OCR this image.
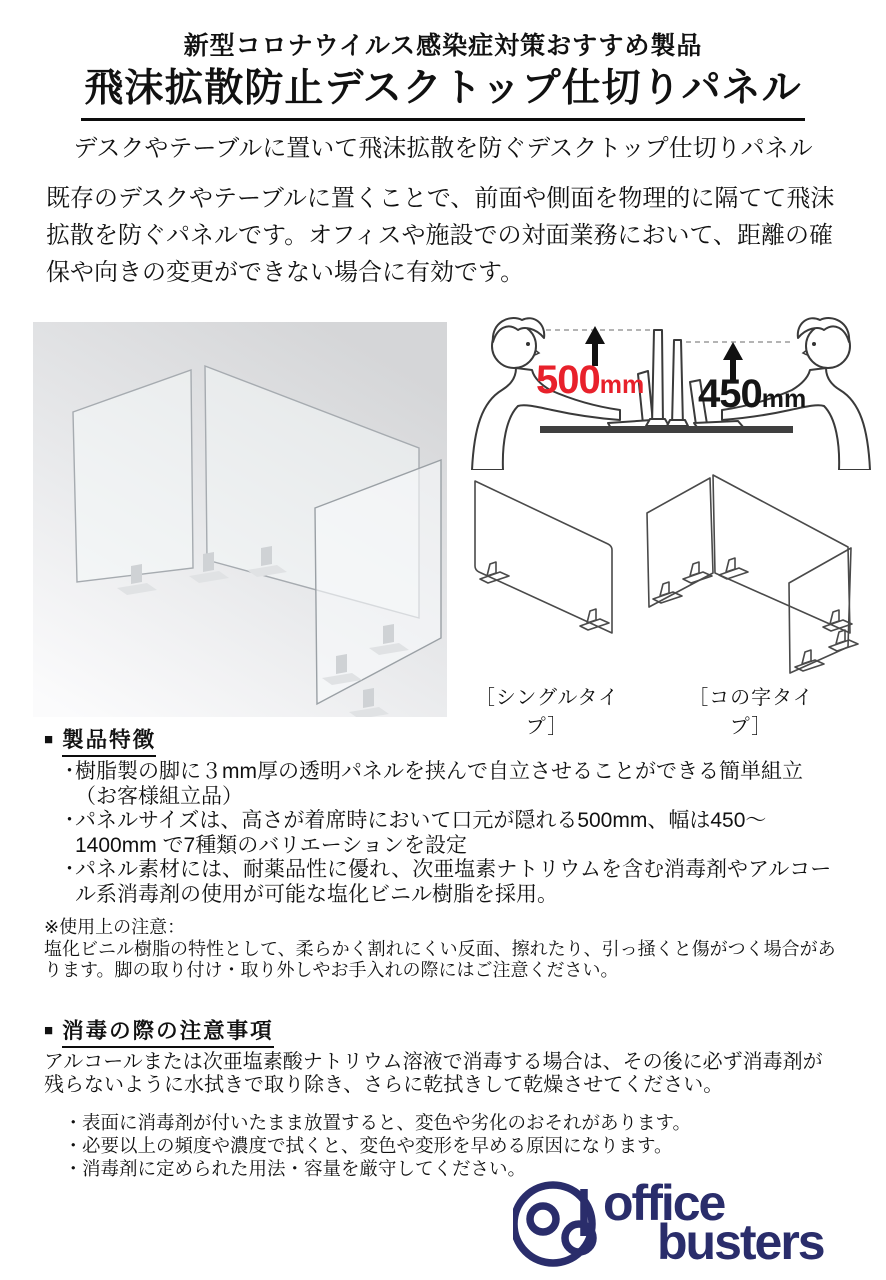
新型コロナウイルス感染症対策おすすめ製品
飛沫拡散防止デスクトップ仕切りパネル
デスクやテーブルに置いて飛沫拡散を防ぐデスクトップ仕切りパネル

既存のデスクやテーブルに置くことで、前面や側面を物理的に隔てて飛沫拡散を防ぐパネルです。オフィスや施設での対面業務において、距離の確保や向きの変更ができない場合に有効です。

500mm 450mm
［シングルタイプ］
［コの字タイプ］
■ 製品特徴
・
樹脂製の脚に３mm厚の透明パネルを挟んで自立させることができる簡単組立（お客様組立品）
・
パネルサイズは、高さが着席時において口元が隠れる500mm、幅は450～1400mm で7種類のバリエーションを設定
・
パネル素材には、耐薬品性に優れ、次亜塩素ナトリウムを含む消毒剤やアルコール系消毒剤の使用が可能な塩化ビニル樹脂を採用。
※使用上の注意：
塩化ビニル樹脂の特性として、柔らかく割れにくい反面、擦れたり、引っ掻くと傷がつく場合があります。脚の取り付け・取り外しやお手入れの際にはご注意ください。
■ 消毒の際の注意事項
アルコールまたは次亜塩素酸ナトリウム溶液で消毒する場合は、その後に必ず消毒剤が残らないように水拭きで取り除き、さらに乾拭きして乾燥させてください。
・ 表面に消毒剤が付いたまま放置すると、変色や劣化のおそれがあります。
・ 必要以上の頻度や濃度で拭くと、変色や変形を早める原因になります。
・ 消毒剤に定められた用法・容量を厳守してください。
office
busters
